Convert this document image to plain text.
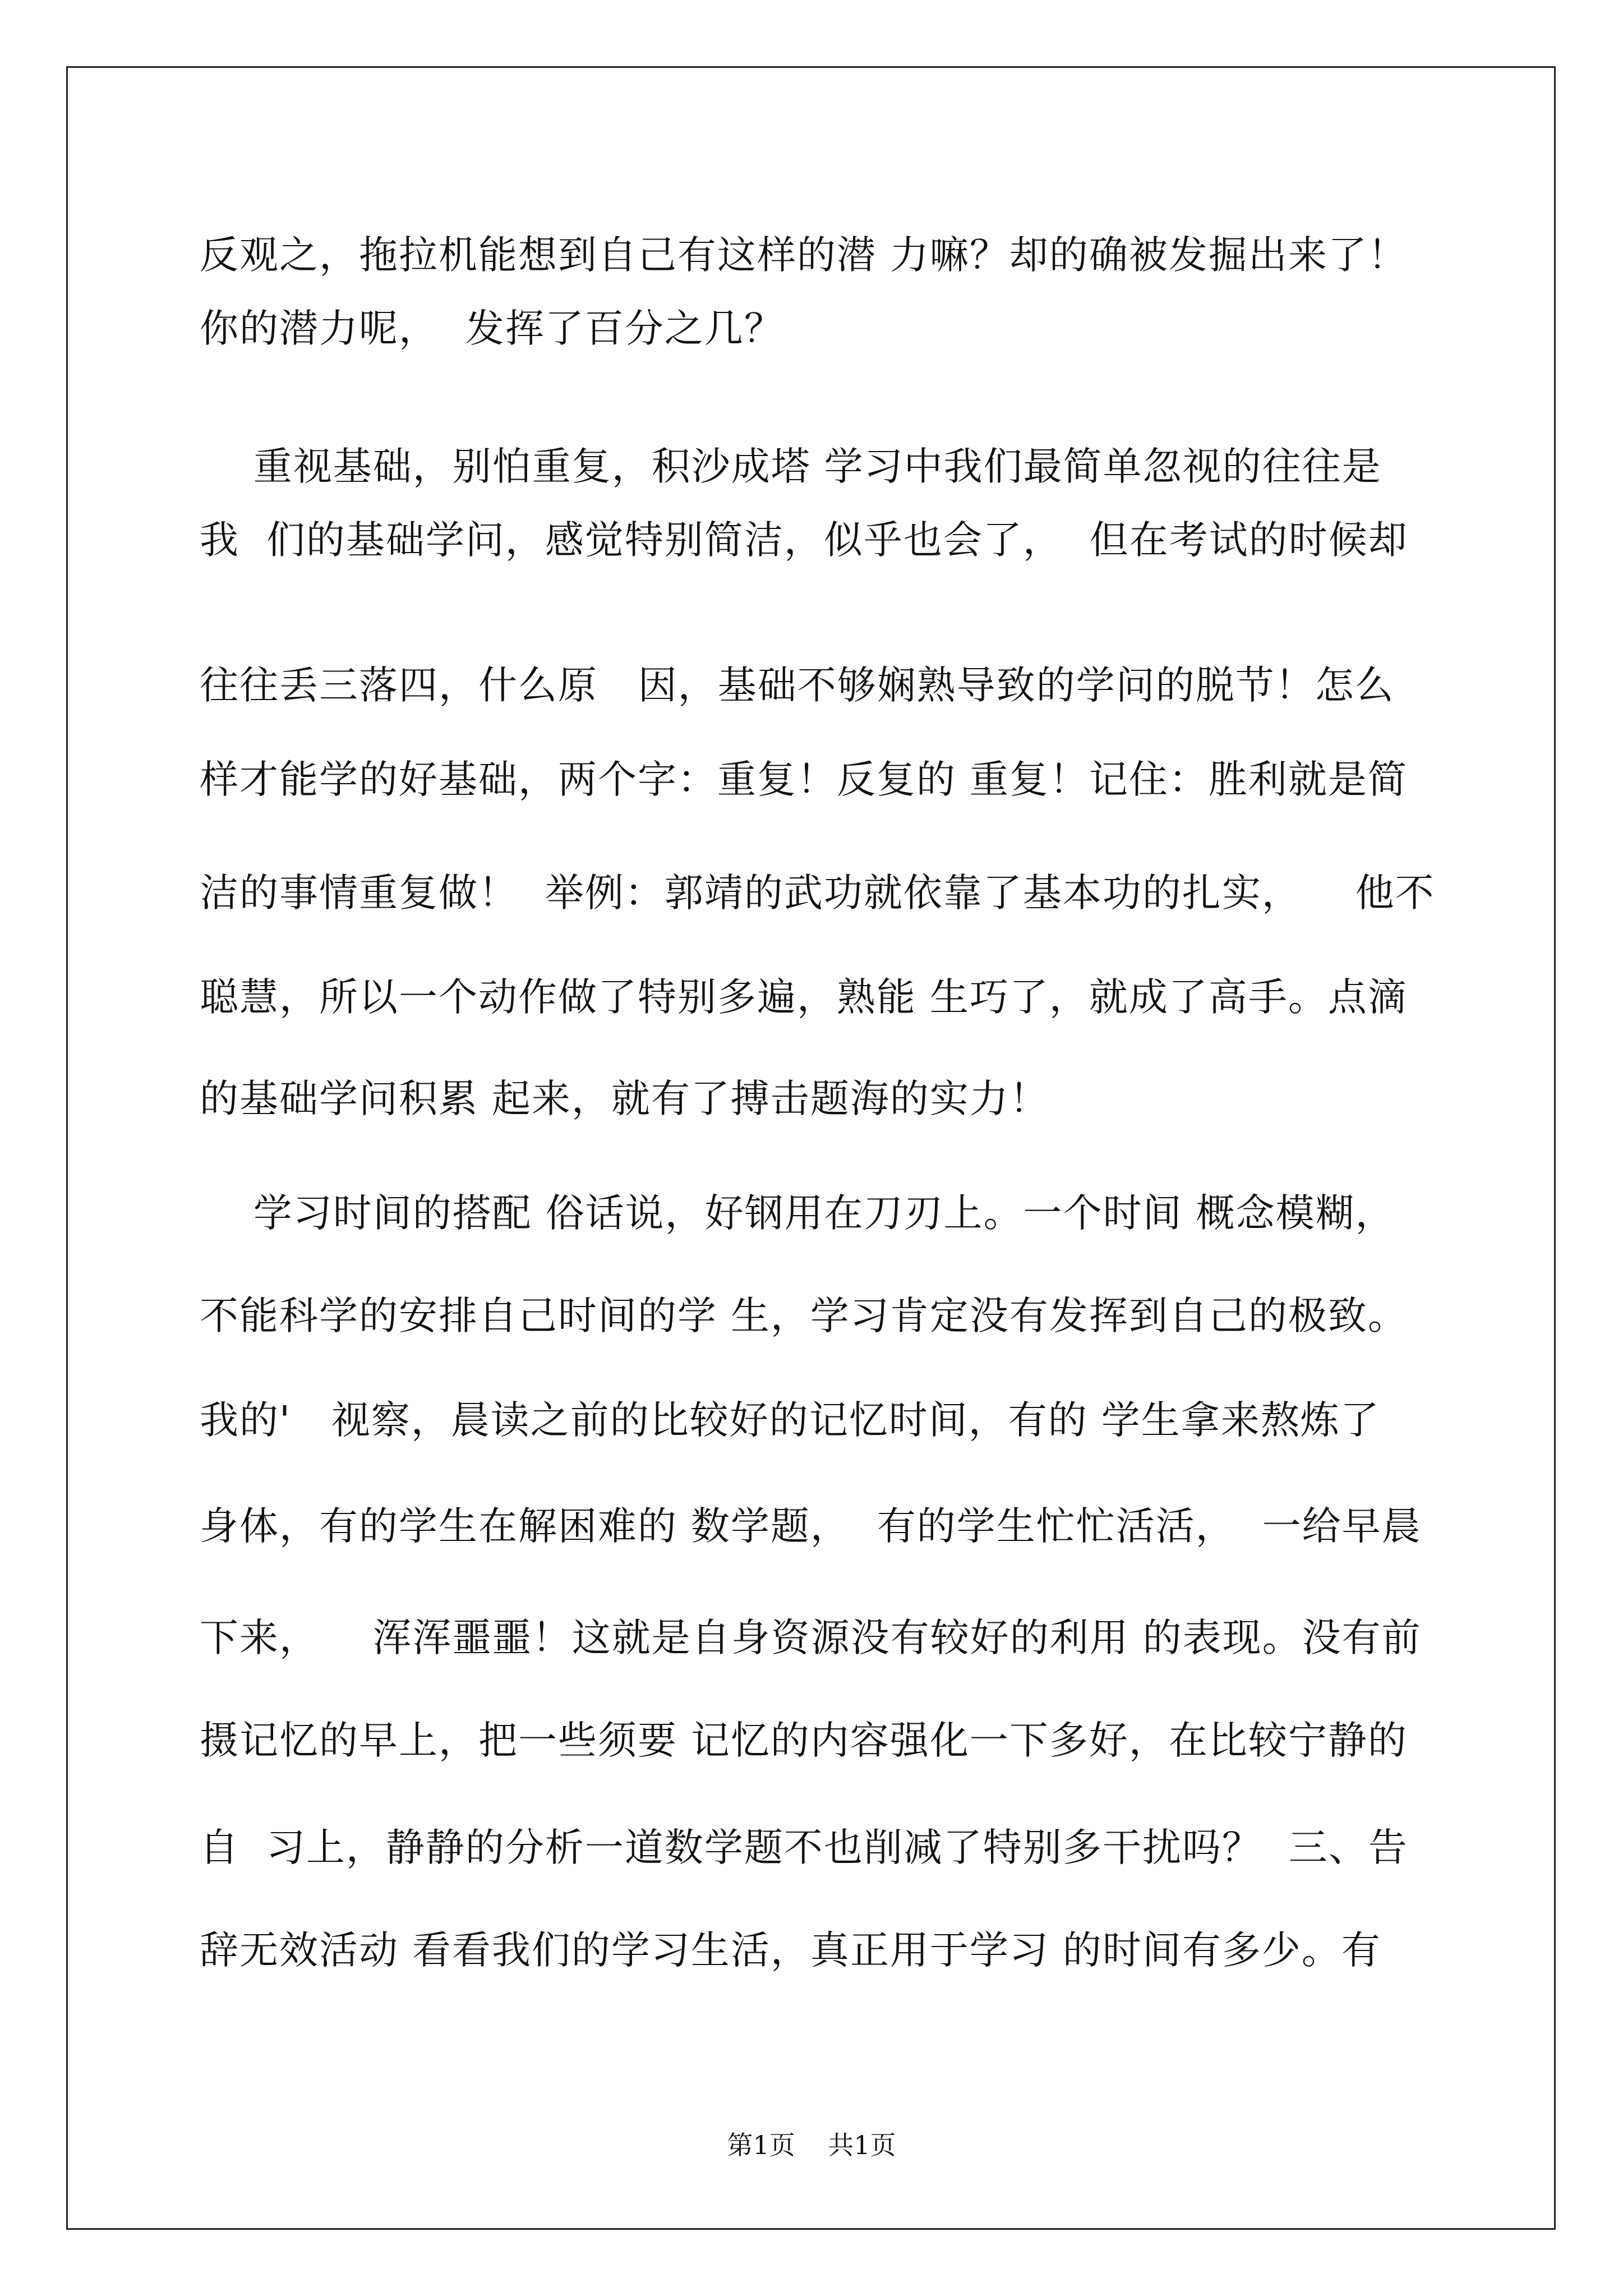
反观之，拖拉机能想到自己有这样的潜 力嘛？却的确被发掘出来了！
你的潜力呢，  发挥了百分之几？
重视基础，别怕重复，积沙成塔 学习中我们最简单忽视的往往是
我  们的基础学问，感觉特别简洁，似乎也会了，  但在考试的时候却
往往丢三落四，什么原   因，基础不够娴熟导致的学问的脱节！怎么
样才能学的好基础，两个字：重复！反复的 重复！记住：胜利就是简
洁的事情重复做！  举例：郭靖的武功就依靠了基本功的扎实，    他不
聪慧，所以一个动作做了特别多遍，熟能 生巧了，就成了高手。点滴
的基础学问积累 起来，就有了搏击题海的实力！
学习时间的搭配 俗话说，好钢用在刀刃上。一个时间 概念模糊，
不能科学的安排自己时间的学 生，学习肯定没有发挥到自己的极致。
我的'   视察，晨读之前的比较好的记忆时间，有的 学生拿来熬炼了
身体，有的学生在解困难的 数学题，  有的学生忙忙活活，  一给早晨
下来，    浑浑噩噩！这就是自身资源没有较好的利用 的表现。没有前
摄记忆的早上，把一些须要 记忆的内容强化一下多好，在比较宁静的
自  习上，静静的分析一道数学题不也削减了特别多干扰吗？  三、告
辞无效活动 看看我们的学习生活，真正用于学习 的时间有多少。有
第1页    共1页
